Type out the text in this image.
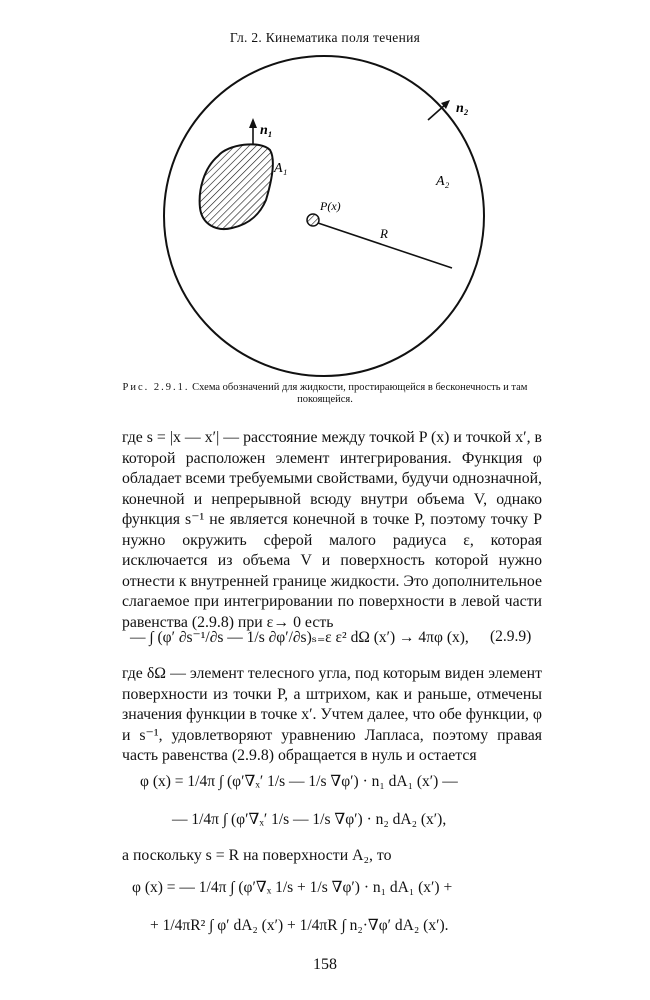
Гл. 2. Кинематика поля течения
n₁
n₂
A₁
A₂
P(x)
R
Рис. 2.9.1. Схема обозначений для жидкости, простирающейся в бесконечность и там покоящейся.

где s = |x — x′| — расстояние между точкой P (x) и точкой x′, в которой расположен элемент интегрирования. Функция φ обладает всеми требуемыми свойствами, будучи однозначной, конечной и непрерывной всюду внутри объема V, однако функция s⁻¹ не является конечной в точке P, поэтому точку P нужно окружить сферой малого радиуса ε, которая исключается из объема V и поверхность которой нужно отнести к внутренней границе жидкости. Это дополнительное слагаемое при интегрировании по поверхности в левой части равенства (2.9.8) при ε→ 0 есть

— ∫ (φ′ ∂s⁻¹/∂s — 1/s ∂φ′/∂s)ₛ₌ε ε² dΩ (x′) → 4πφ (x), (2.9.9)

где δΩ — элемент телесного угла, под которым виден элемент поверхности из точки P, а штрихом, как и раньше, отмечены значения функции в точке x′. Учтем далее, что обе функции, φ и s⁻¹, удовлетворяют уравнению Лапласа, поэтому правая часть равенства (2.9.8) обращается в нуль и остается

φ (x) = 1/4π ∫ (φ′∇ₓ′ 1/s — 1/s ∇φ′) · n₁ dA₁ (x′) —
— 1/4π ∫ (φ′∇ₓ′ 1/s — 1/s ∇φ′) · n₂ dA₂ (x′),

а поскольку s = R на поверхности A₂, то

φ (x) = — 1/4π ∫ (φ′∇ₓ 1/s + 1/s ∇φ′) · n₁ dA₁ (x′) +
+ 1/4πR² ∫ φ′ dA₂ (x′) + 1/4πR ∫ n₂·∇φ′ dA₂ (x′).
158
